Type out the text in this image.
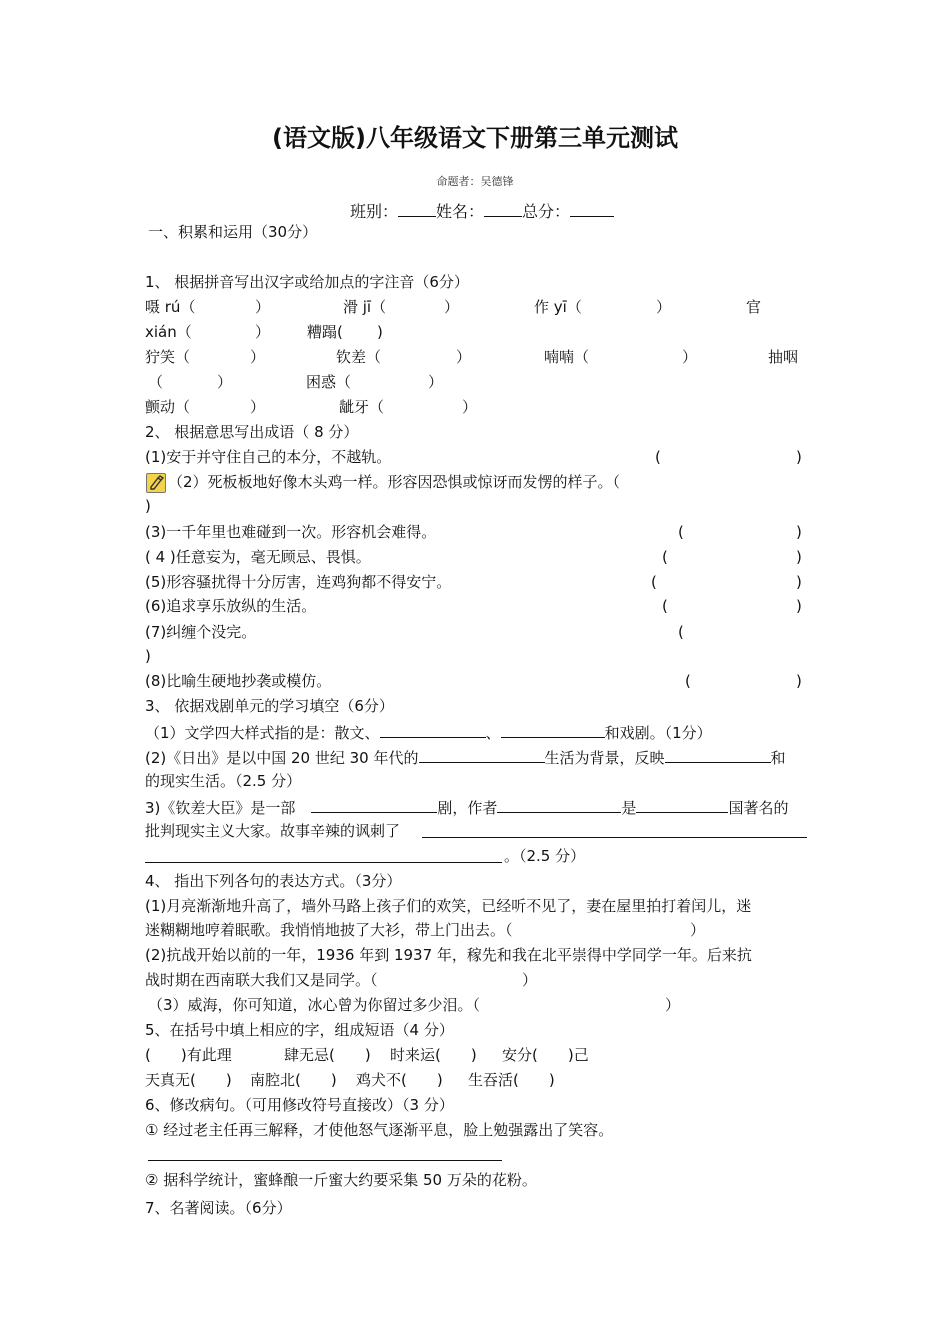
(语文版)八年级语文下册第三单元测试
命题者：吴德锋
班别： 姓名： 总分：
一、积累和运用（30分）
1、 根据拼音写出汉字或给加点的字注音（6分）
嗫 rú（	）	滑 jī（	）	作 yī（	）	官
xián（	） 糟蹋( )
狞笑（	）	钦差（	）	喃喃（	）	抽咽
（	）	困惑（	）
颤动（	）	龇牙（	）
2、 根据意思写出成语（ 8 分）
(1)安于并守住自己的本分，不越轨。	(	)
（2）死板板地好像木头鸡一样。形容因恐惧或惊讶而发愣的样子。（
)
(3)一千年里也难碰到一次。形容机会难得。	(	)
( 4 )任意妄为，毫无顾忌、畏惧。	(	)
(5)形容骚扰得十分厉害，连鸡狗都不得安宁。	(	)
(6)追求享乐放纵的生活。	(	)
(7)纠缠个没完。	(
)
(8)比喻生硬地抄袭或模仿。	(	)
3、 依据戏剧单元的学习填空（6分）
（1）文学四大样式指的是：散文、	、	和戏剧。（1分）
(2)《日出》是以中国 20 世纪 30 年代的	生活为背景，反映	和
的现实生活。（2.5 分）
3)《钦差大臣》是一部	剧，作者	是	国著名的
批判现实主义大家。故事辛辣的讽刺了
。（2.5 分）
4、 指出下列各句的表达方式。（3分）
(1)月亮渐渐地升高了，墙外马路上孩子们的欢笑，已经听不见了，妻在屋里拍打着闰儿，迷
迷糊糊地哼着眠歌。我悄悄地披了大衫，带上门出去。（	）
(2)抗战开始以前的一年，1936 年到 1937 年，稼先和我在北平崇得中学同学一年。后来抗
战时期在西南联大我们又是同学。（	）
（3）威海，你可知道，冰心曾为你留过多少泪。（	）
5、在括号中填上相应的字，组成短语（4 分）
(　　)有此理	肆无忌(　　) 时来运(　　) 安分(　　)己
天真无(　　) 南腔北(　　) 鸡犬不(　　) 生吞活(　　)
6、修改病句。（可用修改符号直接改）（3 分）
① 经过老主任再三解释，才使他怒气逐渐平息，脸上勉强露出了笑容。
② 据科学统计，蜜蜂酿一斤蜜大约要采集 50 万朵的花粉。
7、名著阅读。（6分）
